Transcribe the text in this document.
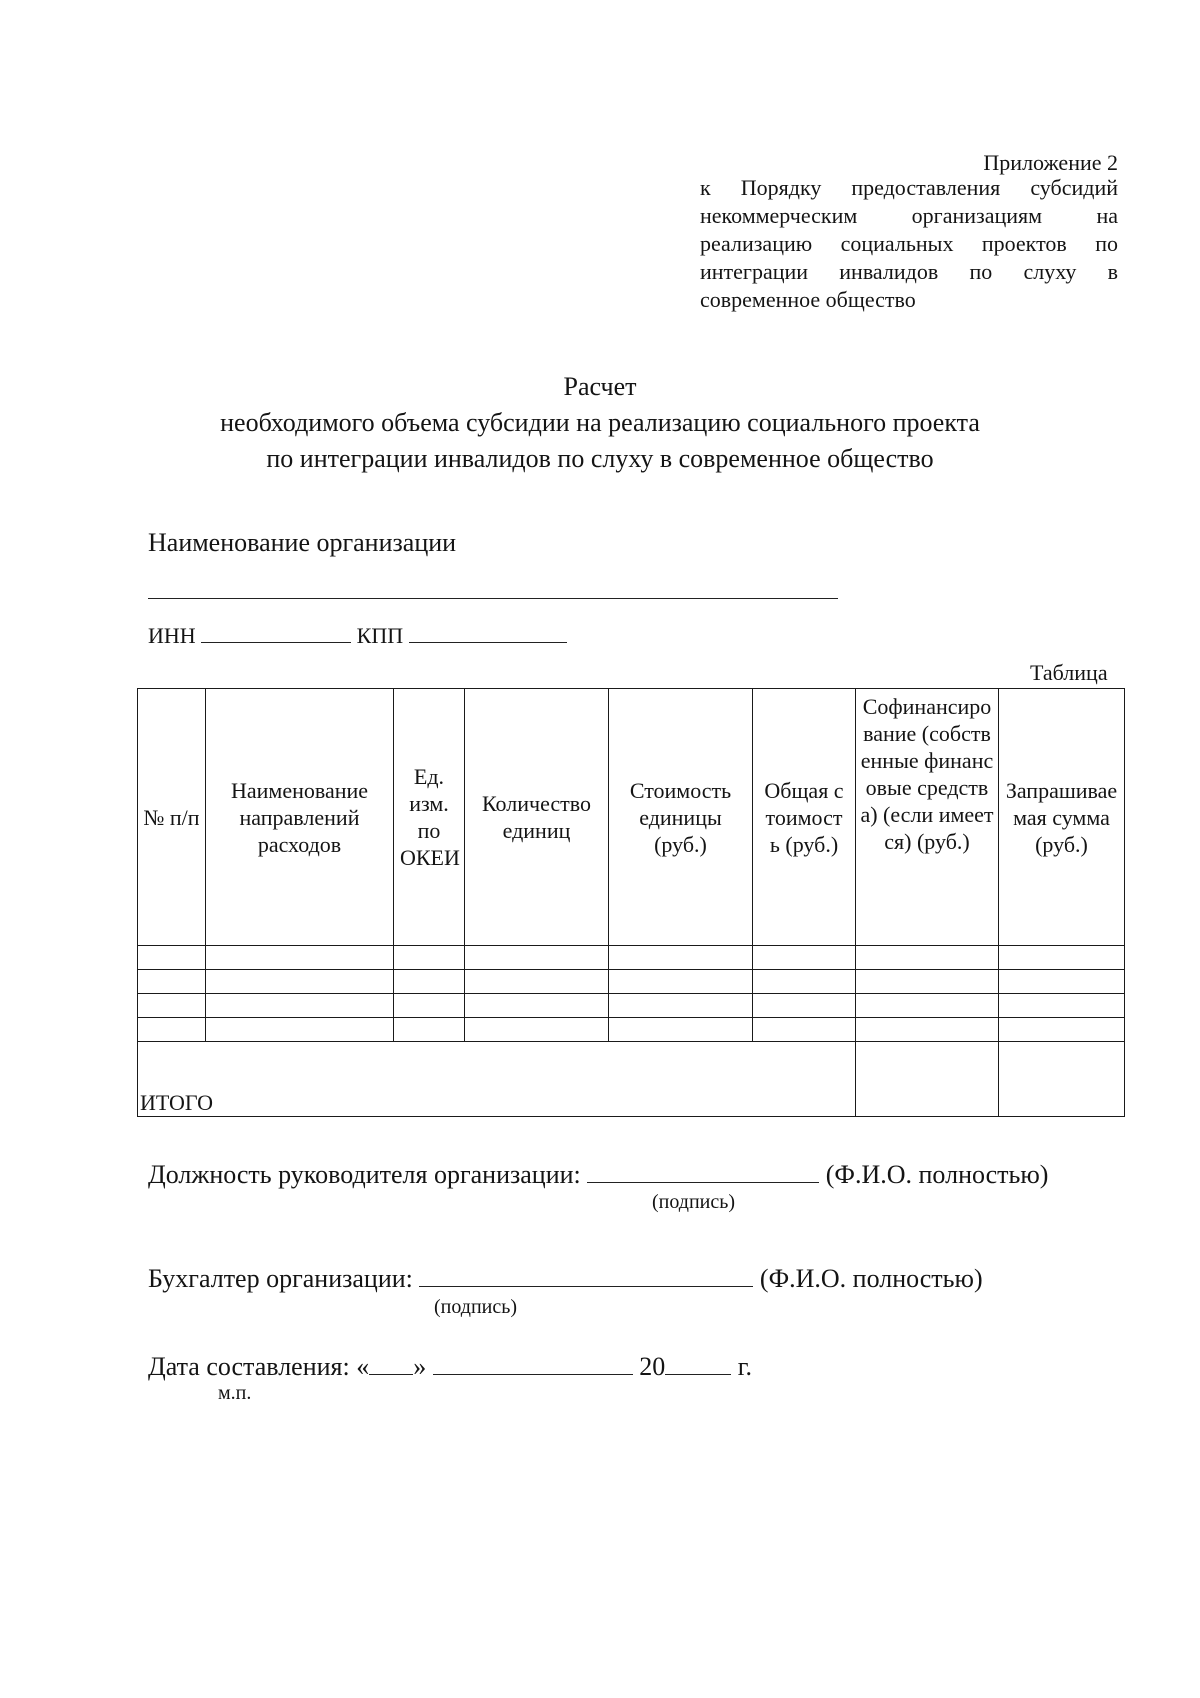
Приложение 2
к Порядку предоставления субсидий некоммерческим организациям на реализацию социальных проектов по интеграции инвалидов по слуху в современное общество
Расчет
необходимого объема субсидии на реализацию социального проекта
по интеграции инвалидов по слуху в современное общество
Наименование организации
ИНН	КПП
Таблица
№ п/п	Наименование направлений расходов	Ед. изм. по ОКЕИ	Количество единиц	Стоимость единицы (руб.)	Общая стоимость (руб.)	Софинансирование (собственные финансовые средства) (если имеется) (руб.)	Запрашиваемая сумма (руб.)

ИТОГО							
Должность руководителя организации:	(Ф.И.О. полностью)
(подпись)
Бухгалтер организации:	(Ф.И.О. полностью)
(подпись)
Дата составления: « »	20	г.
м.п.
